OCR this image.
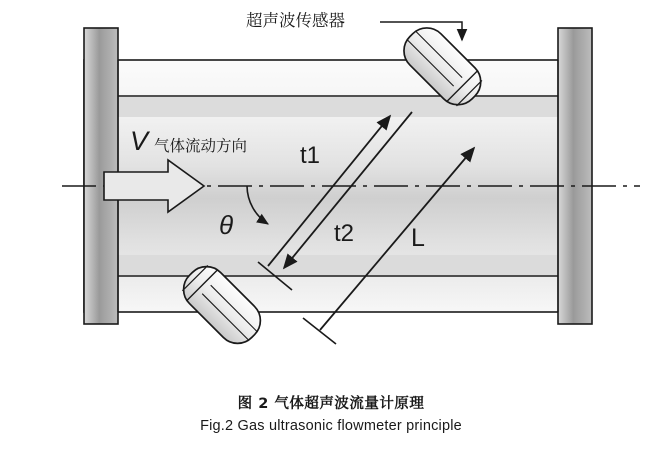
超声波传感器
V 气体流动方向 t1
t2
θ	L
图 2 气体超声波流量计原理
Fig.2 Gas ultrasonic flowmeter principle
